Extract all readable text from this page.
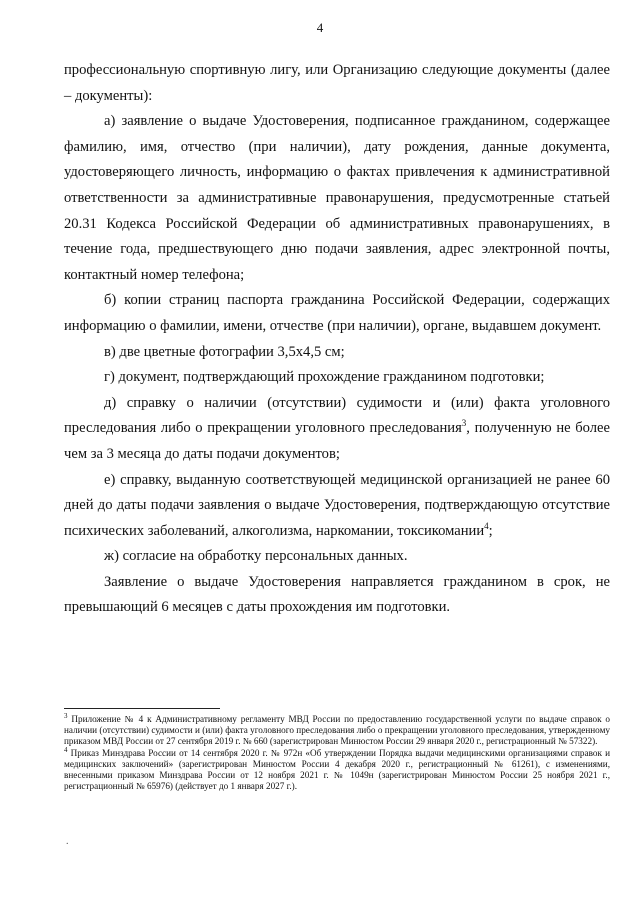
4

профессиональную спортивную лигу, или Организацию следующие документы (далее – документы):

а) заявление о выдаче Удостоверения, подписанное гражданином, содержащее фамилию, имя, отчество (при наличии), дату рождения, данные документа, удостоверяющего личность, информацию о фактах привлечения к административной ответственности за административные правонарушения, предусмотренные статьей 20.31 Кодекса Российской Федерации об административных правонарушениях, в течение года, предшествующего дню подачи заявления, адрес электронной почты, контактный номер телефона;

б) копии страниц паспорта гражданина Российской Федерации, содержащих информацию о фамилии, имени, отчестве (при наличии), органе, выдавшем документ.

в) две цветные фотографии 3,5х4,5 см;

г) документ, подтверждающий прохождение гражданином подготовки;

д) справку о наличии (отсутствии) судимости и (или) факта уголовного преследования либо о прекращении уголовного преследования$^3$, полученную не более чем за 3 месяца до даты подачи документов;

е) справку, выданную соответствующей медицинской организацией не ранее 60 дней до даты подачи заявления о выдаче Удостоверения, подтверждающую отсутствие психических заболеваний, алкоголизма, наркомании, токсикомании$^4$;

ж) согласие на обработку персональных данных.

Заявление о выдаче Удостоверения направляется гражданином в срок, не превышающий 6 месяцев с даты прохождения им подготовки.

$^3$ Приложение № 4 к Административному регламенту МВД России по предоставлению государственной услуги по выдаче справок о наличии (отсутствии) судимости и (или) факта уголовного преследования либо о прекращении уголовного преследования, утвержденному приказом МВД России от 27 сентября 2019 г. № 660 (зарегистрирован Минюстом России 29 января 2020 г., регистрационный № 57322).

$^4$ Приказ Минздрава России от 14 сентября 2020 г. № 972н «Об утверждении Порядка выдачи медицинскими организациями справок и медицинских заключений» (зарегистрирован Минюстом России 4 декабря 2020 г., регистрационный № 61261), с изменениями, внесенными приказом Минздрава России от 12 ноября 2021 г. № 1049н (зарегистрирован Минюстом России 25 ноября 2021 г., регистрационный № 65976) (действует до 1 января 2027 г.).

.
